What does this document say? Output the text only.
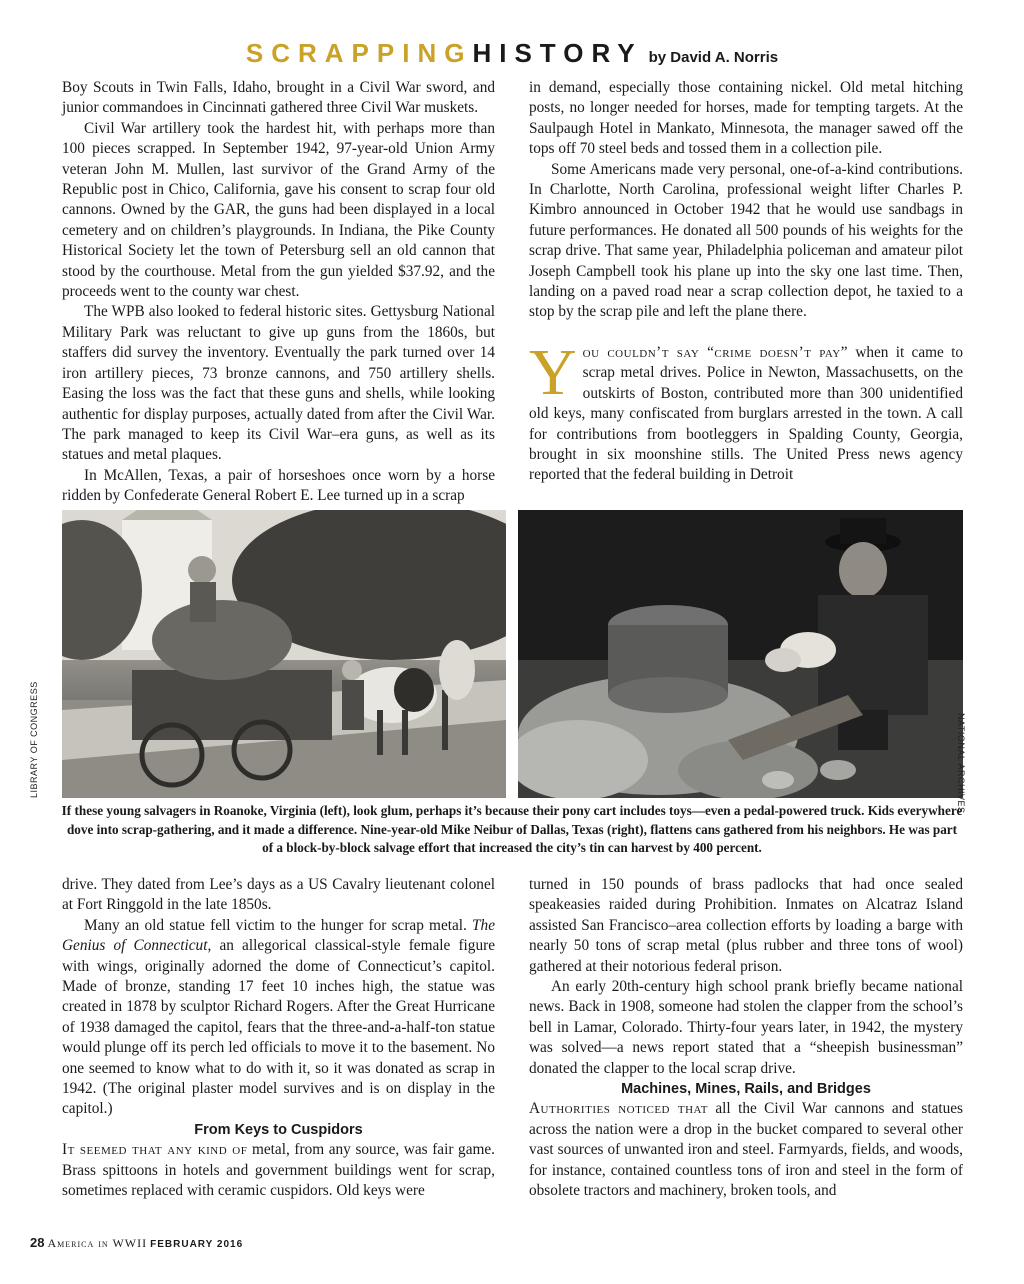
SCRAPPINGHISTORY by David A. Norris

Boy Scouts in Twin Falls, Idaho, brought in a Civil War sword, and junior commandoes in Cincinnati gathered three Civil War muskets.

Civil War artillery took the hardest hit, with perhaps more than 100 pieces scrapped. In September 1942, 97-year-old Union Army veteran John M. Mullen, last survivor of the Grand Army of the Republic post in Chico, California, gave his consent to scrap four old cannons. Owned by the GAR, the guns had been displayed in a local cemetery and on children’s playgrounds. In Indiana, the Pike County Historical Society let the town of Petersburg sell an old cannon that stood by the courthouse. Metal from the gun yielded $37.92, and the proceeds went to the county war chest.

The WPB also looked to federal historic sites. Gettysburg National Military Park was reluctant to give up guns from the 1860s, but staffers did survey the inventory. Eventually the park turned over 14 iron artillery pieces, 73 bronze cannons, and 750 artillery shells. Easing the loss was the fact that these guns and shells, while looking authentic for display purposes, actually dated from after the Civil War. The park managed to keep its Civil War–era guns, as well as its statues and metal plaques.

In McAllen, Texas, a pair of horseshoes once worn by a horse ridden by Confederate General Robert E. Lee turned up in a scrap

in demand, especially those containing nickel. Old metal hitching posts, no longer needed for horses, made for tempting targets. At the Saulpaugh Hotel in Mankato, Minnesota, the manager sawed off the tops off 70 steel beds and tossed them in a collection pile.

Some Americans made very personal, one-of-a-kind contributions. In Charlotte, North Carolina, professional weight lifter Charles P. Kimbro announced in October 1942 that he would use sandbags in future performances. He donated all 500 pounds of his weights for the scrap drive. That same year, Philadelphia policeman and amateur pilot Joseph Campbell took his plane up into the sky one last time. Then, landing on a paved road near a scrap collection depot, he taxied to a stop by the scrap pile and left the plane there.

You couldn’t say “crime doesn’t pay” when it came to scrap metal drives. Police in Newton, Massachusetts, on the outskirts of Boston, contributed more than 300 unidentified old keys, many confiscated from burglars arrested in the town. A call for contributions from bootleggers in Spalding County, Georgia, brought in six moonshine stills. The United Press news agency reported that the federal building in Detroit

LIBRARY OF CONGRESS	NATIONAL ARCHIVES
If these young salvagers in Roanoke, Virginia (left), look glum, perhaps it’s because their pony cart includes toys—even a pedal-powered truck. Kids everywhere dove into scrap-gathering, and it made a difference. Nine-year-old Mike Neibur of Dallas, Texas (right), flattens cans gathered from his neighbors. He was part of a block-by-block salvage effort that increased the city’s tin can harvest by 400 percent.

drive. They dated from Lee’s days as a US Cavalry lieutenant colonel at Fort Ringgold in the late 1850s.

Many an old statue fell victim to the hunger for scrap metal. The Genius of Connecticut, an allegorical classical-style female figure with wings, originally adorned the dome of Connecticut’s capitol. Made of bronze, standing 17 feet 10 inches high, the statue was created in 1878 by sculptor Richard Rogers. After the Great Hurricane of 1938 damaged the capitol, fears that the three-and-a-half-ton statue would plunge off its perch led officials to move it to the basement. No one seemed to know what to do with it, so it was donated as scrap in 1942. (The original plaster model survives and is on display in the capitol.)

From Keys to Cuspidors

It seemed that any kind of metal, from any source, was fair game. Brass spittoons in hotels and government buildings went for scrap, sometimes replaced with ceramic cuspidors. Old keys were

turned in 150 pounds of brass padlocks that had once sealed speakeasies raided during Prohibition. Inmates on Alcatraz Island assisted San Francisco–area collection efforts by loading a barge with nearly 50 tons of scrap metal (plus rubber and three tons of wool) gathered at their notorious federal prison.

An early 20th-century high school prank briefly became national news. Back in 1908, someone had stolen the clapper from the school’s bell in Lamar, Colorado. Thirty-four years later, in 1942, the mystery was solved—a news report stated that a “sheepish businessman” donated the clapper to the local scrap drive.

Machines, Mines, Rails, and Bridges

Authorities noticed that all the Civil War cannons and statues across the nation were a drop in the bucket compared to several other vast sources of unwanted iron and steel. Farmyards, fields, and woods, for instance, contained countless tons of iron and steel in the form of obsolete tractors and machinery, broken tools, and

28 America in WWII FEBRUARY 2016
